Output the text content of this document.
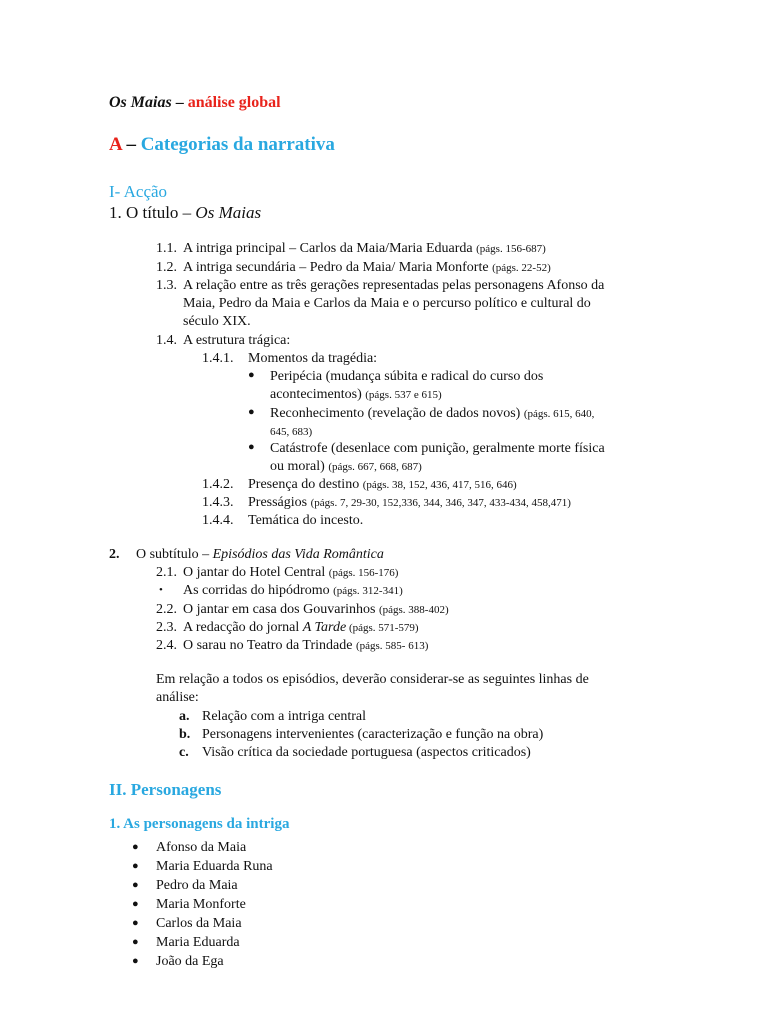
Os Maias – análise global
A – Categorias da narrativa
I- Acção
1. O título – Os Maias
1.1. A intriga principal – Carlos da Maia/Maria Eduarda (págs. 156-687)
1.2. A intriga secundária – Pedro da Maia/ Maria Monforte (págs. 22-52)
1.3. A relação entre as três gerações representadas pelas personagens Afonso da
Maia, Pedro da Maia e Carlos da Maia e o percurso político e cultural do
século XIX.
1.4. A estrutura trágica:
1.4.1. Momentos da tragédia:
● Peripécia (mudança súbita e radical do curso dos
acontecimentos) (págs. 537 e 615)
● Reconhecimento (revelação de dados novos) (págs. 615, 640,
645, 683)
● Catástrofe (desenlace com punição, geralmente morte física
ou moral) (págs. 667, 668, 687)
1.4.2. Presença do destino (págs. 38, 152, 436, 417, 516, 646)
1.4.3. Presságios (págs. 7, 29-30, 152,336, 344, 346, 347, 433-434, 458,471)
1.4.4. Temática do incesto.
2. O subtítulo – Episódios das Vida Romântica
2.1. O jantar do Hotel Central (págs. 156-176)
• As corridas do hipódromo (págs. 312-341)
2.2. O jantar em casa dos Gouvarinhos (págs. 388-402)
2.3. A redacção do jornal A Tarde (págs. 571-579)
2.4. O sarau no Teatro da Trindade (págs. 585- 613)
Em relação a todos os episódios, deverão considerar-se as seguintes linhas de
análise:
a. Relação com a intriga central
b. Personagens intervenientes (caracterização e função na obra)
c. Visão crítica da sociedade portuguesa (aspectos criticados)
II. Personagens
1. As personagens da intriga
● Afonso da Maia
● Maria Eduarda Runa
● Pedro da Maia
● Maria Monforte
● Carlos da Maia
● Maria Eduarda
● João da Ega
